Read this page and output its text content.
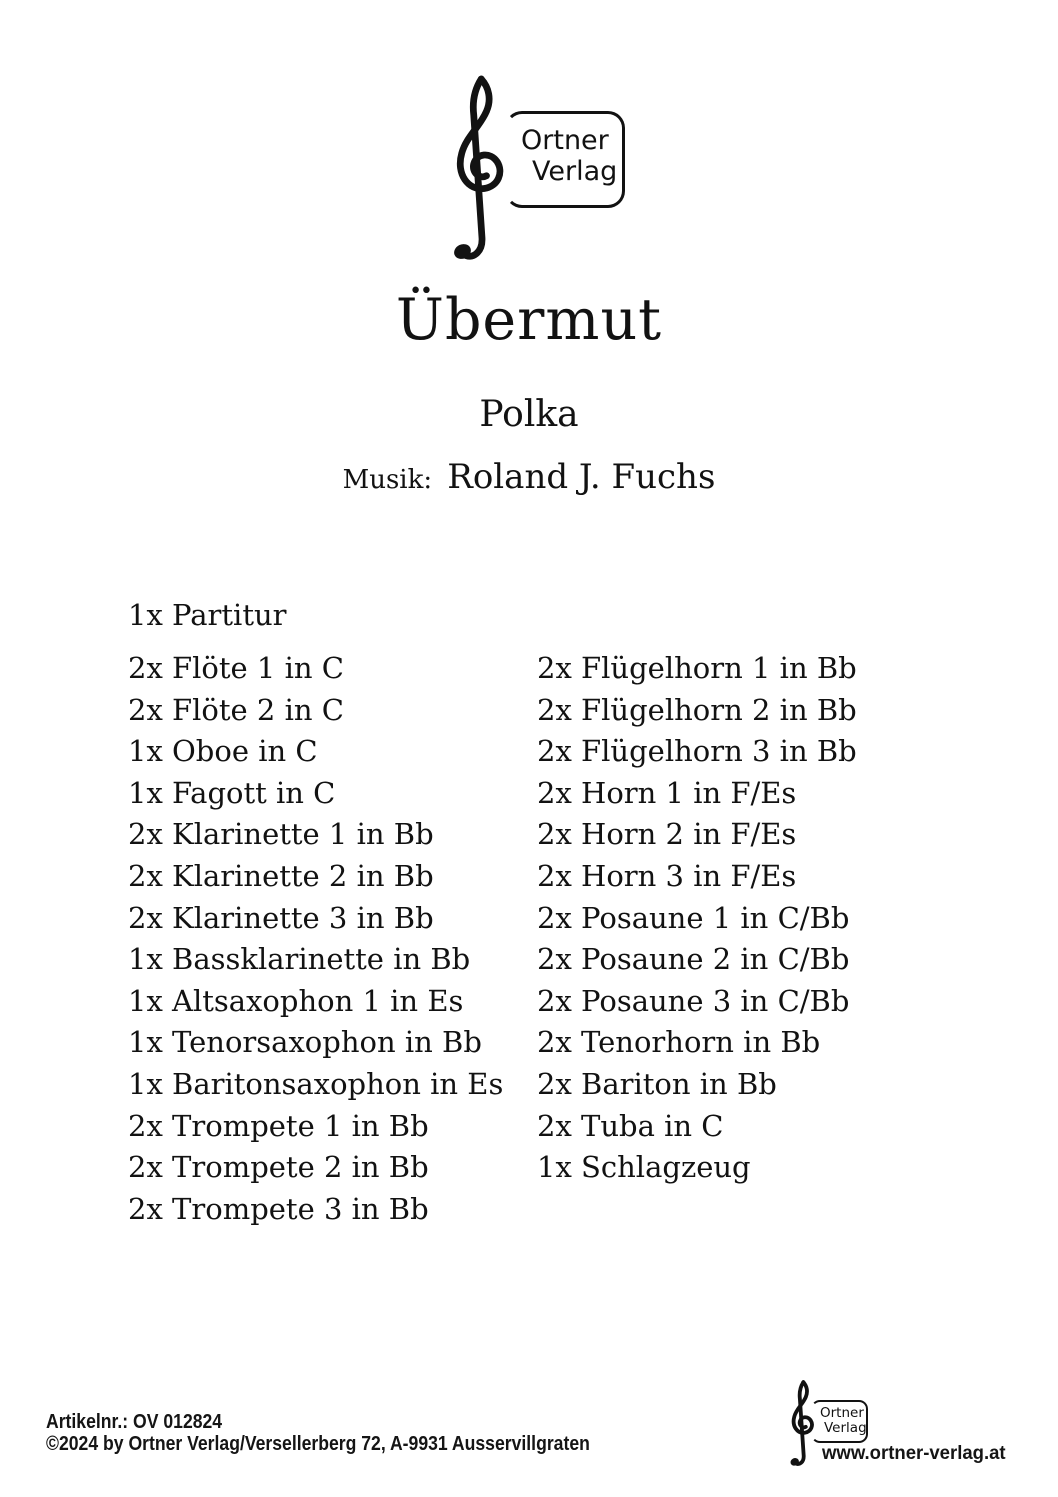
Ortner
Verlag
Übermut
Polka
Musik: Roland J. Fuchs
1x Partitur
2x Flöte 1 in C
2x Flöte 2 in C
1x Oboe in C
1x Fagott in C
2x Klarinette 1 in Bb
2x Klarinette 2 in Bb
2x Klarinette 3 in Bb
1x Bassklarinette in Bb
1x Altsaxophon 1 in Es
1x Tenorsaxophon in Bb
1x Baritonsaxophon in Es
2x Trompete 1 in Bb
2x Trompete 2 in Bb
2x Trompete 3 in Bb
2x Flügelhorn 1 in Bb
2x Flügelhorn 2 in Bb
2x Flügelhorn 3 in Bb
2x Horn 1 in F/Es
2x Horn 2 in F/Es
2x Horn 3 in F/Es
2x Posaune 1 in C/Bb
2x Posaune 2 in C/Bb
2x Posaune 3 in C/Bb
2x Tenorhorn in Bb
2x Bariton in Bb
2x Tuba in C
1x Schlagzeug
Artikelnr.: OV 012824
©2024 by Ortner Verlag/Versellerberg 72, A-9931 Ausservillgraten
Ortner
Verlag
www.ortner-verlag.at
